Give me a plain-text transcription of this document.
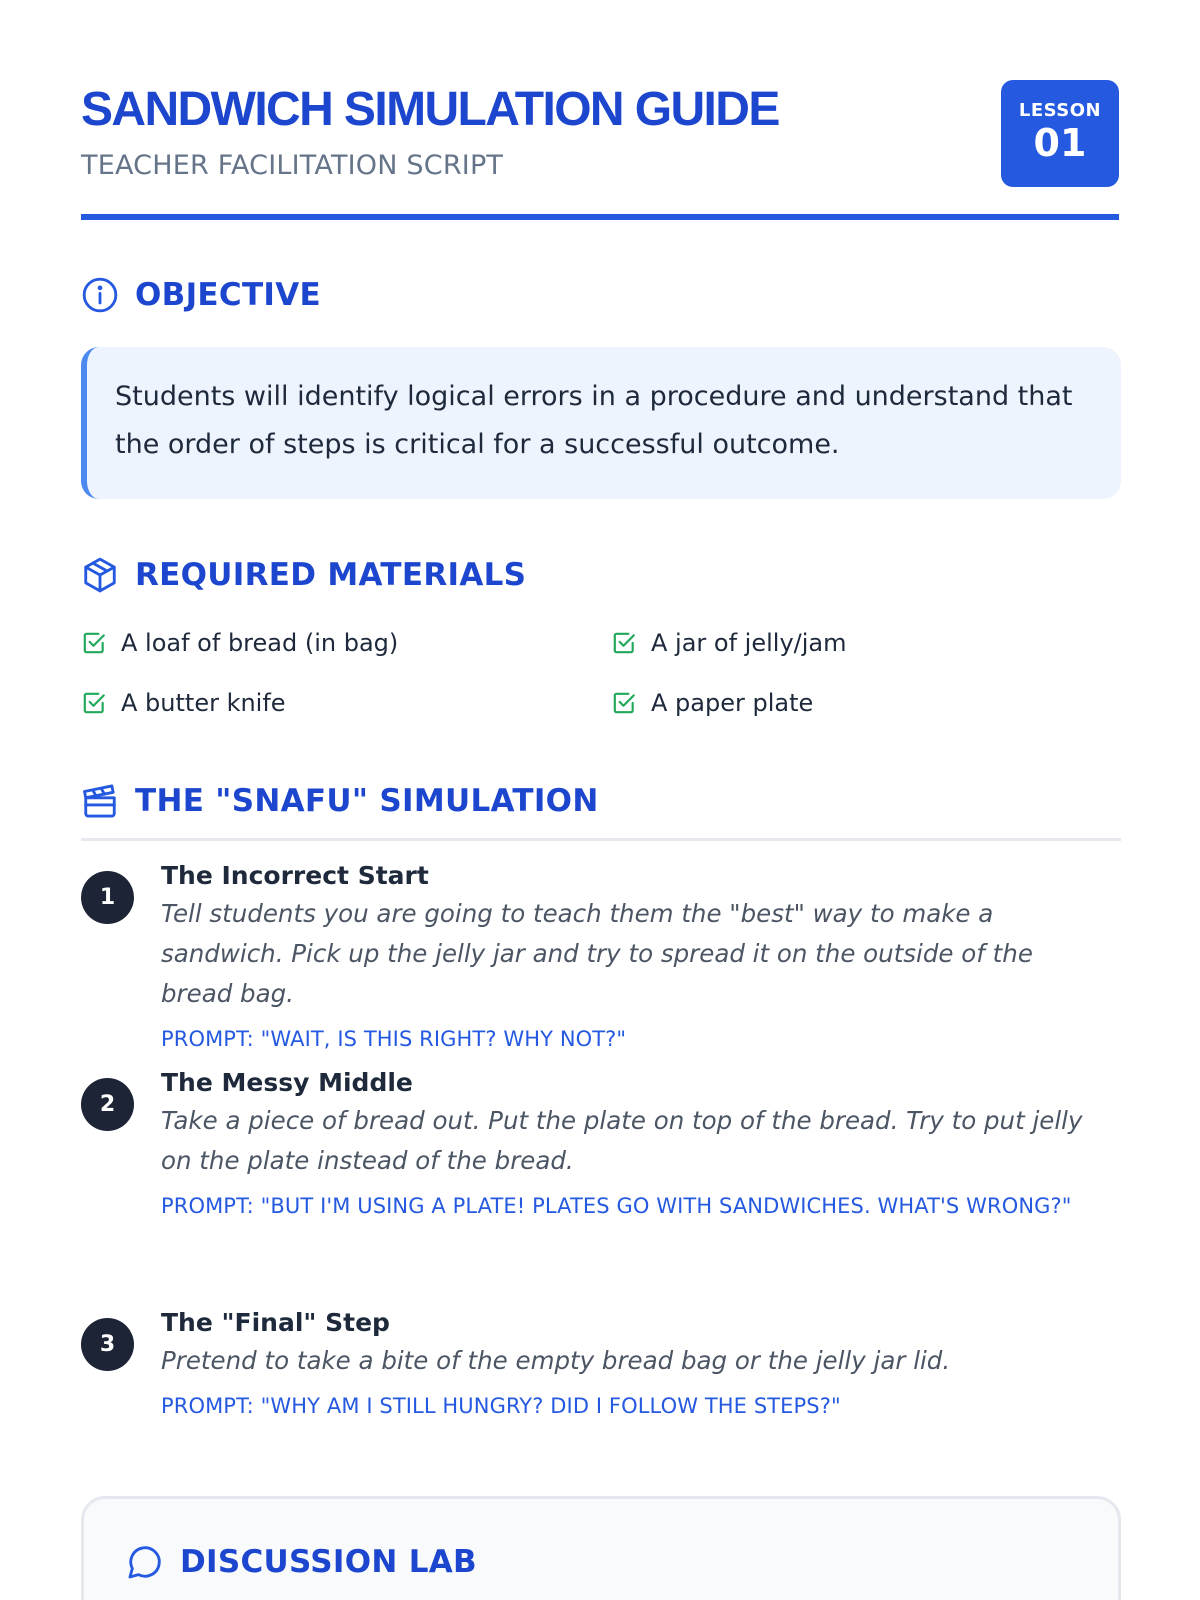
SANDWICH SIMULATION GUIDE
TEACHER FACILITATION SCRIPT
LESSON
01
OBJECTIVE

Students will identify logical errors in a procedure and understand that the order of steps is critical for a successful outcome.

REQUIRED MATERIALS
A loaf of bread (in bag)	A jar of jelly/jam
A butter knife	A paper plate
THE "SNAFU" SIMULATION
1
The Incorrect Start
Tell students you are going to teach them the "best" way to make a sandwich. Pick up the jelly jar and try to spread it on the outside of the bread bag.
PROMPT: "WAIT, IS THIS RIGHT? WHY NOT?"
2
The Messy Middle
Take a piece of bread out. Put the plate on top of the bread. Try to put jelly on the plate instead of the bread.
PROMPT: "BUT I'M USING A PLATE! PLATES GO WITH SANDWICHES. WHAT'S WRONG?"
3
The "Final" Step
Pretend to take a bite of the empty bread bag or the jelly jar lid.
PROMPT: "WHY AM I STILL HUNGRY? DID I FOLLOW THE STEPS?"
DISCUSSION LAB
